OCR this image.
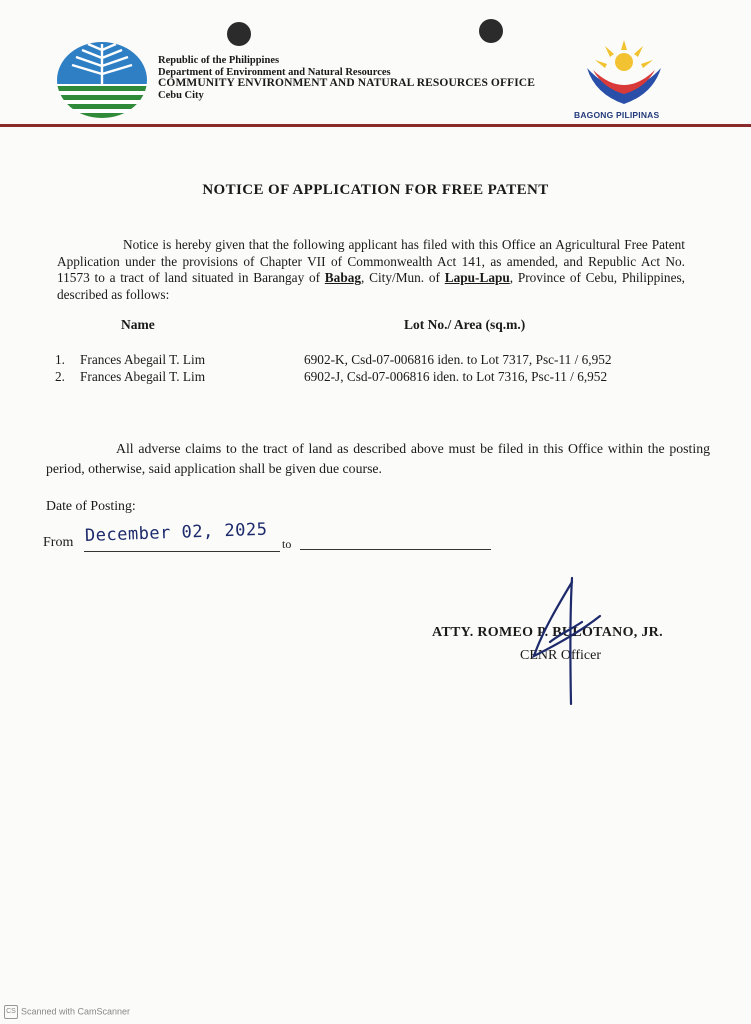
Republic of the Philippines
Department of Environment and Natural Resources
COMMUNITY ENVIRONMENT AND NATURAL RESOURCES OFFICE
Cebu City
BAGONG PILIPINAS
NOTICE OF APPLICATION FOR FREE PATENT
Notice is hereby given that the following applicant has filed with this Office an Agricultural Free Patent Application under the provisions of Chapter VII of Commonwealth Act 141, as amended, and Republic Act No. 11573 to a tract of land situated in Barangay of Babag, City/Mun. of Lapu-Lapu, Province of Cebu, Philippines, described as follows:
Name	Lot No./ Area (sq.m.)
1. Frances Abegail T. Lim	6902-K, Csd-07-006816 iden. to Lot 7317, Psc-11 / 6,952
2. Frances Abegail T. Lim	6902-J, Csd-07-006816 iden. to Lot 7316, Psc-11 / 6,952
All adverse claims to the tract of land as described above must be filed in this Office within the posting period, otherwise, said application shall be given due course.
Date of Posting:
From December 02, 2025 to
ATTY. ROMEO P. BULOTANO, JR.
CENR Officer
CS Scanned with CamScanner
